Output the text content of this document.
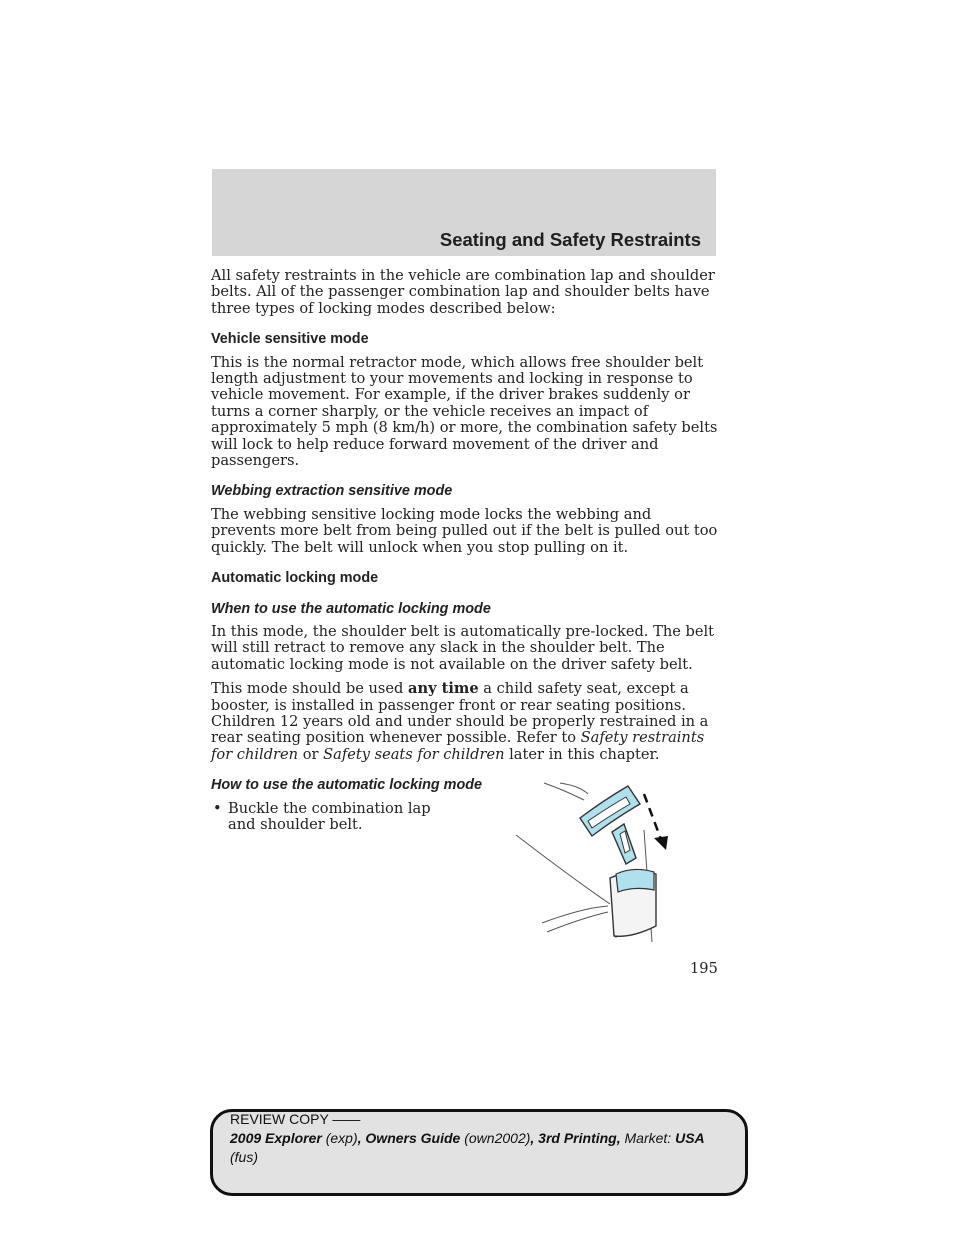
Seating and Safety Restraints

All safety restraints in the vehicle are combination lap and shoulder belts. All of the passenger combination lap and shoulder belts have three types of locking modes described below:

Vehicle sensitive mode

This is the normal retractor mode, which allows free shoulder belt length adjustment to your movements and locking in response to vehicle movement. For example, if the driver brakes suddenly or turns a corner sharply, or the vehicle receives an impact of approximately 5 mph (8 km/h) or more, the combination safety belts will lock to help reduce forward movement of the driver and passengers.

Webbing extraction sensitive mode

The webbing sensitive locking mode locks the webbing and prevents more belt from being pulled out if the belt is pulled out too quickly. The belt will unlock when you stop pulling on it.

Automatic locking mode
When to use the automatic locking mode

In this mode, the shoulder belt is automatically pre-locked. The belt will still retract to remove any slack in the shoulder belt. The automatic locking mode is not available on the driver safety belt.

This mode should be used any time a child safety seat, except a booster, is installed in passenger front or rear seating positions. Children 12 years old and under should be properly restrained in a rear seating position whenever possible. Refer to Safety restraints for children or Safety seats for children later in this chapter.

How to use the automatic locking mode
• Buckle the combination lap and shoulder belt.
195
REVIEW COPY ——
2009 Explorer (exp), Owners Guide (own2002), 3rd Printing, Market: USA
(fus)
